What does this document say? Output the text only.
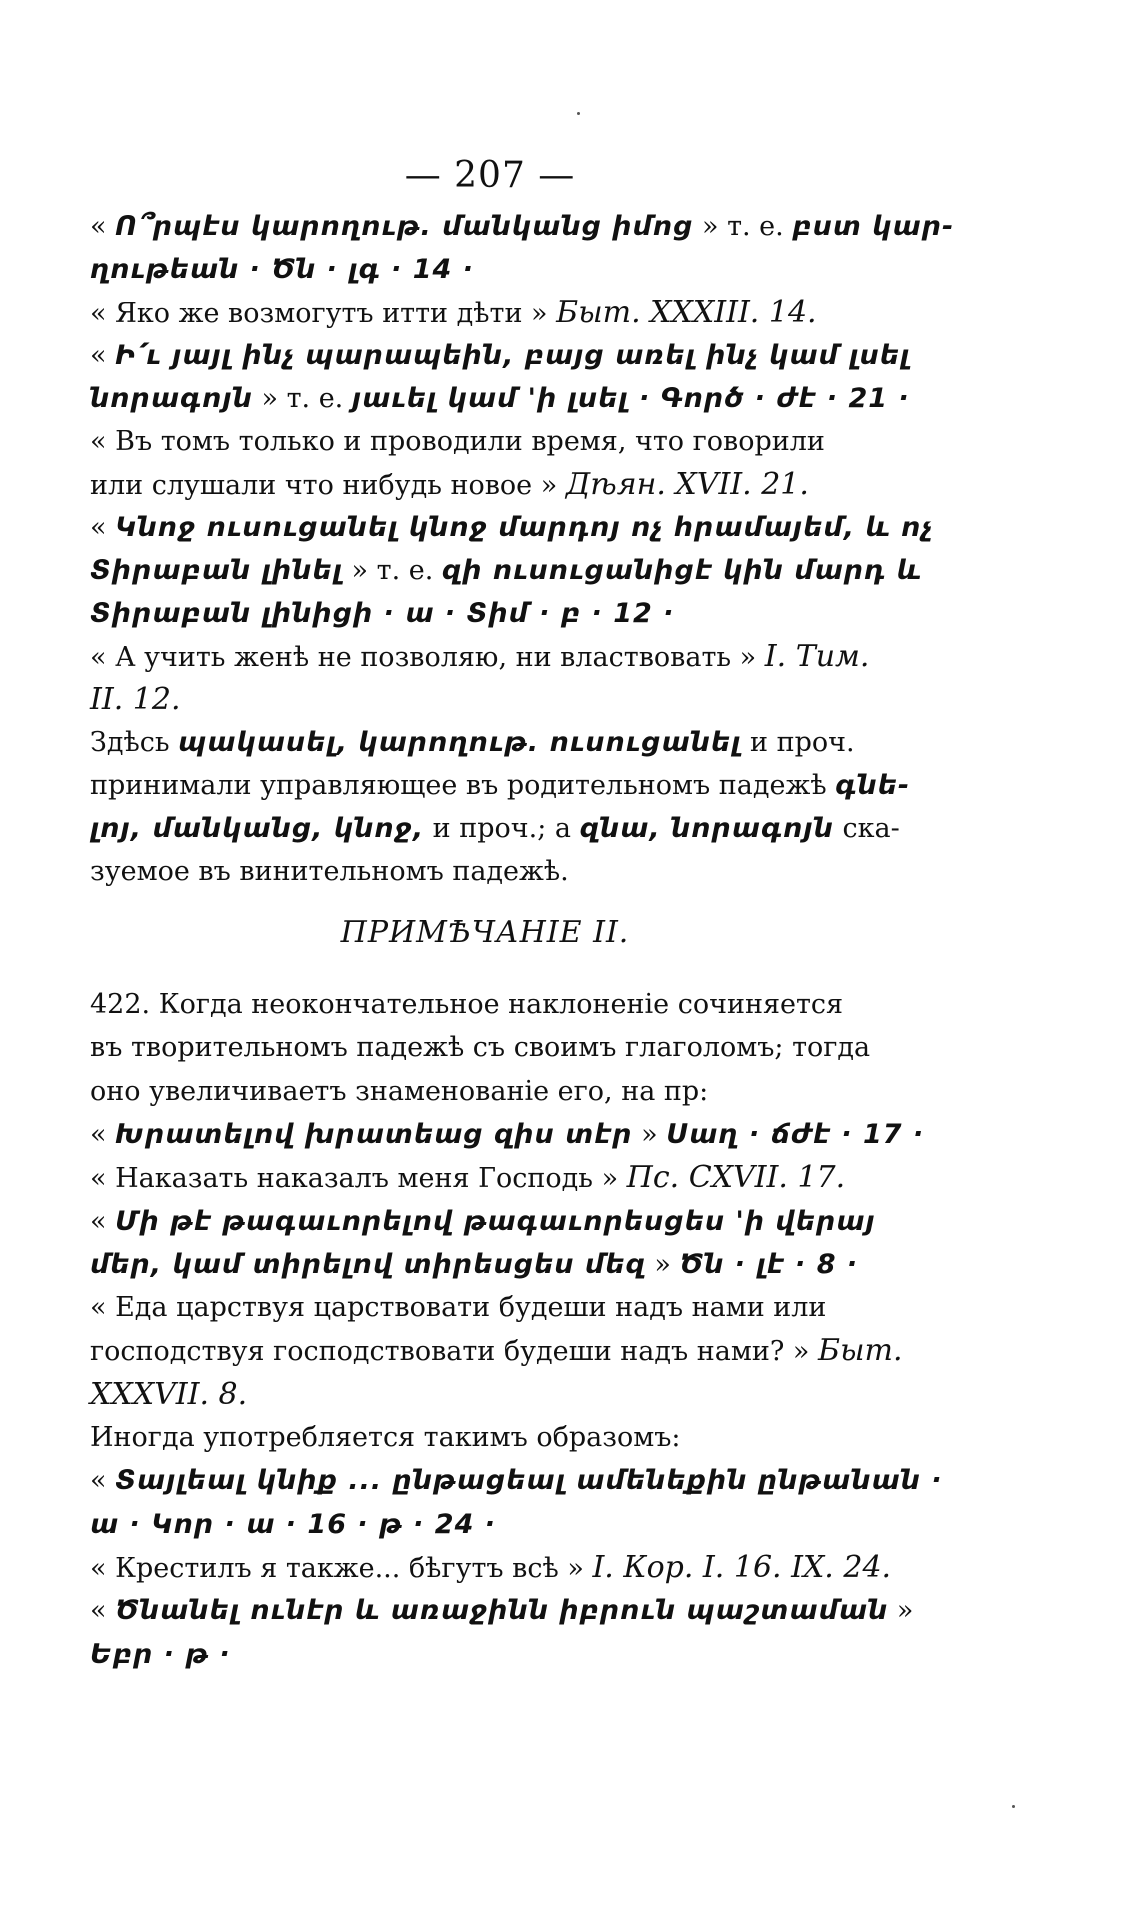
— 207 —
« Ո՞րպէս կարողութ. մանկանց իմոց » т. е. բստ կար-
ղութեան · Ծն · լգ · 14 ·
« Яко же возмогутъ итти дѣти » Быт. XXXIII. 14.
« Ի՛ւ յայլ ինչ պարապեին, բայց առել ինչ կամ լսել
նորագոյն » т. е. յաւել կամ 'ի լսել · Գործ · ժէ · 21 ·
« Въ томъ только и проводили время, что говорили
или слушали что нибудь новое » Дѣян. XVII. 21.
« Կնոջ ուսուցանել կնոջ մարդոյ ոչ հրամայեմ, և ոչ
Տիրաբան լինել » т. е. զի ուսուցանիցէ կին մարդ և
Տիրաբան լինիցի · ա · Տիմ · բ · 12 ·
« А учить женѣ не позволяю, ни властвовать » I. Тим.
II. 12.
Здѣсь պակասել, կարողութ. ուսուցանել и проч.
принимали управляющее въ родительномъ падежѣ գնե-
լոյ, մանկանց, կնոջ, и проч.; а զնա, նորագոյն ска-
зуемое въ винительномъ падежѣ.
ПРИМѢЧАНІЕ II.
422. Когда неокончательное наклоненіе сочиняется
въ творительномъ падежѣ съ своимъ глаголомъ; тогда
оно увеличиваетъ знаменованіе его, на пр:
« Խրատելով խրատեաց զիս տէր » Սաղ · ճժէ · 17 ·
« Наказать наказалъ меня Господь » Пс. CXVII. 17.
« Մի թէ թագաւորելով թագաւորեսցես 'ի վերայ
մեր, կամ տիրելով տիրեսցես մեզ » Ծն · լէ · 8 ·
« Еда царствуя царствовати будеши надъ нами или
господствуя господствовати будеши надъ нами? » Быт.
XXXVII. 8.
Иногда употребляется такимъ образомъ:
« Տայլեալ կնիք ... ընթացեալ ամենեքին ընթանան ·
ա · Կոր · ա · 16 · թ · 24 ·
« Крестилъ я также... бѣгутъ всѣ » I. Кор. I. 16. IX. 24.
« Ծնանել ունէր և առաջինն իբրուն պաշտաման »
Եբր · թ ·
